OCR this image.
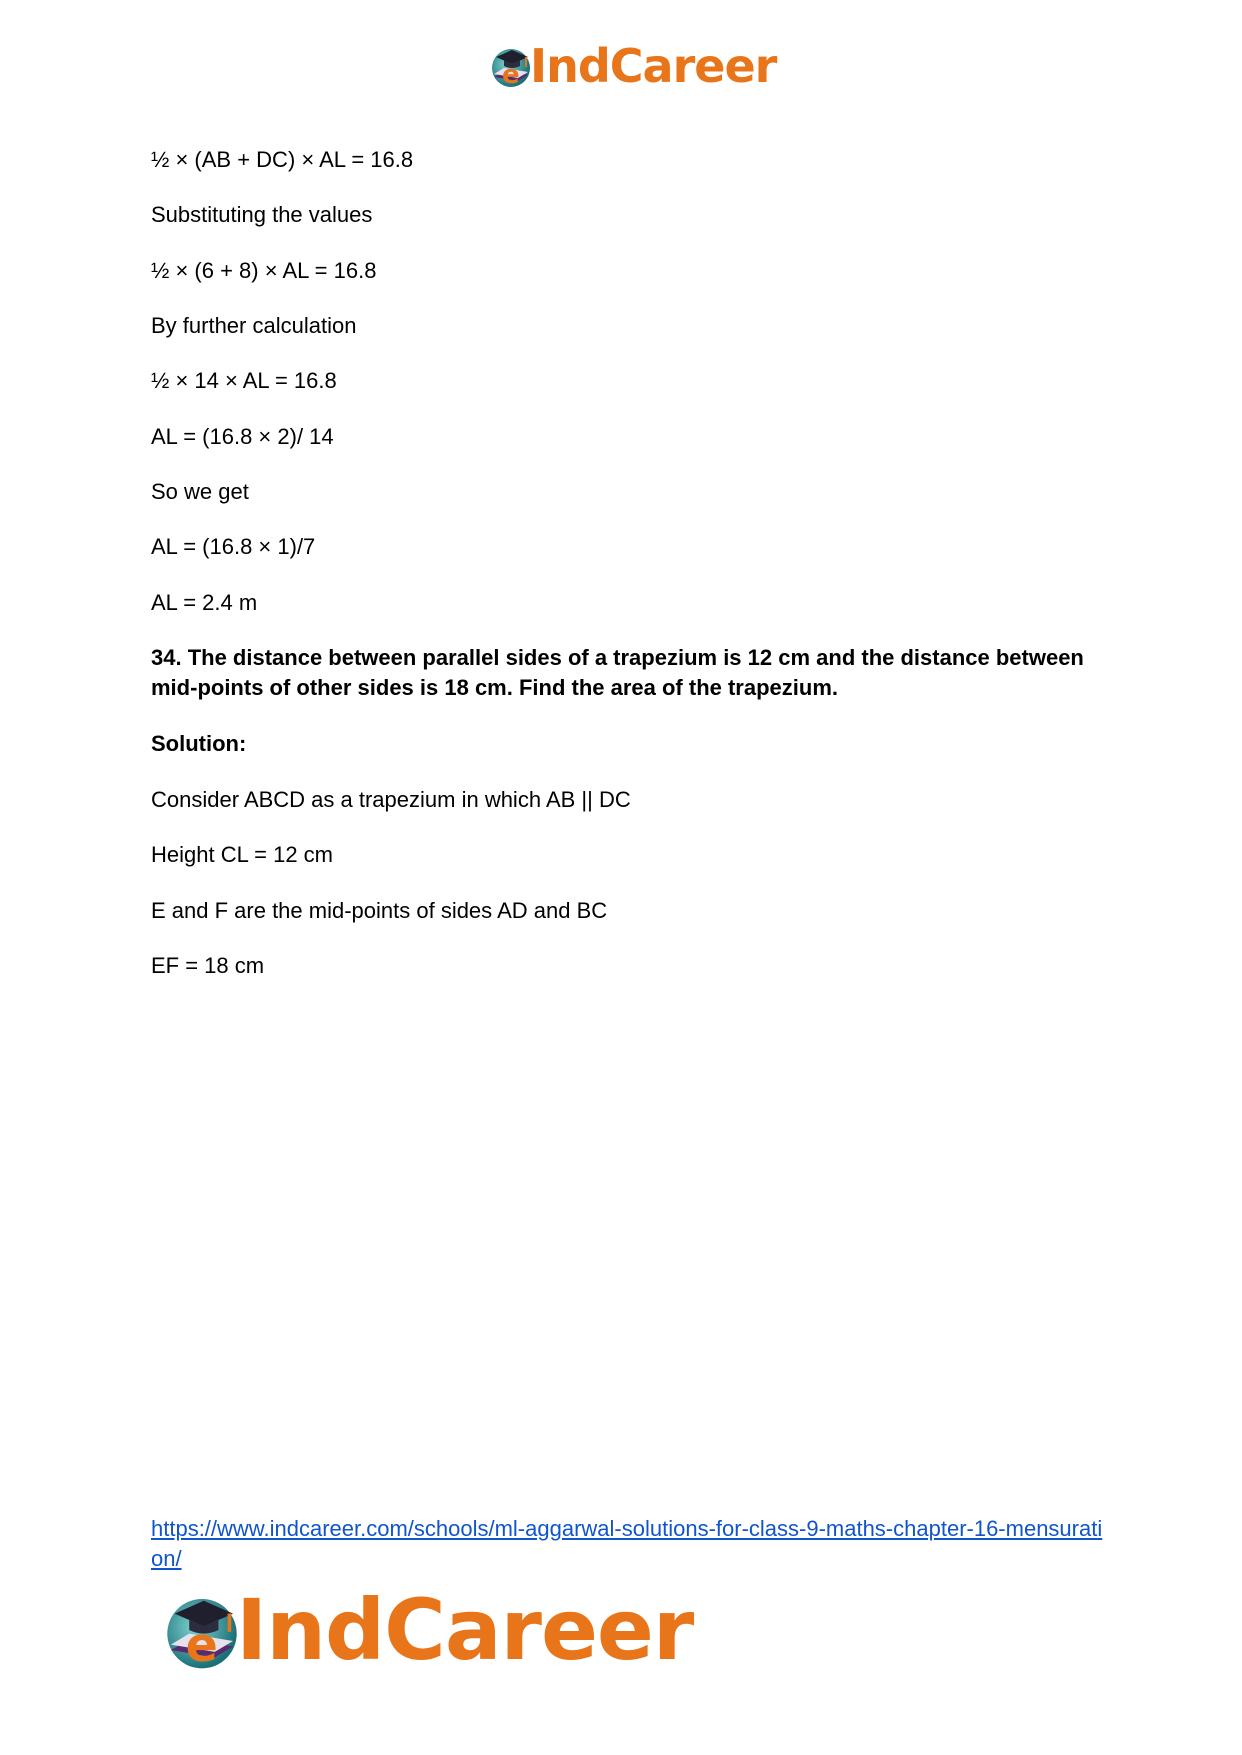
e IndCareer
½ × (AB + DC) × AL = 16.8
Substituting the values
½ × (6 + 8) × AL = 16.8
By further calculation
½ × 14 × AL = 16.8
AL = (16.8 × 2)/ 14
So we get
AL = (16.8 × 1)/7
AL = 2.4 m
34. The distance between parallel sides of a trapezium is 12 cm and the distance between mid-points of other sides is 18 cm. Find the area of the trapezium.
Solution:
Consider ABCD as a trapezium in which AB || DC
Height CL = 12 cm
E and F are the mid-points of sides AD and BC
EF = 18 cm
https://www.indcareer.com/schools/ml-aggarwal-solutions-for-class-9-maths-chapter-16-mensuration/
e IndCareer
